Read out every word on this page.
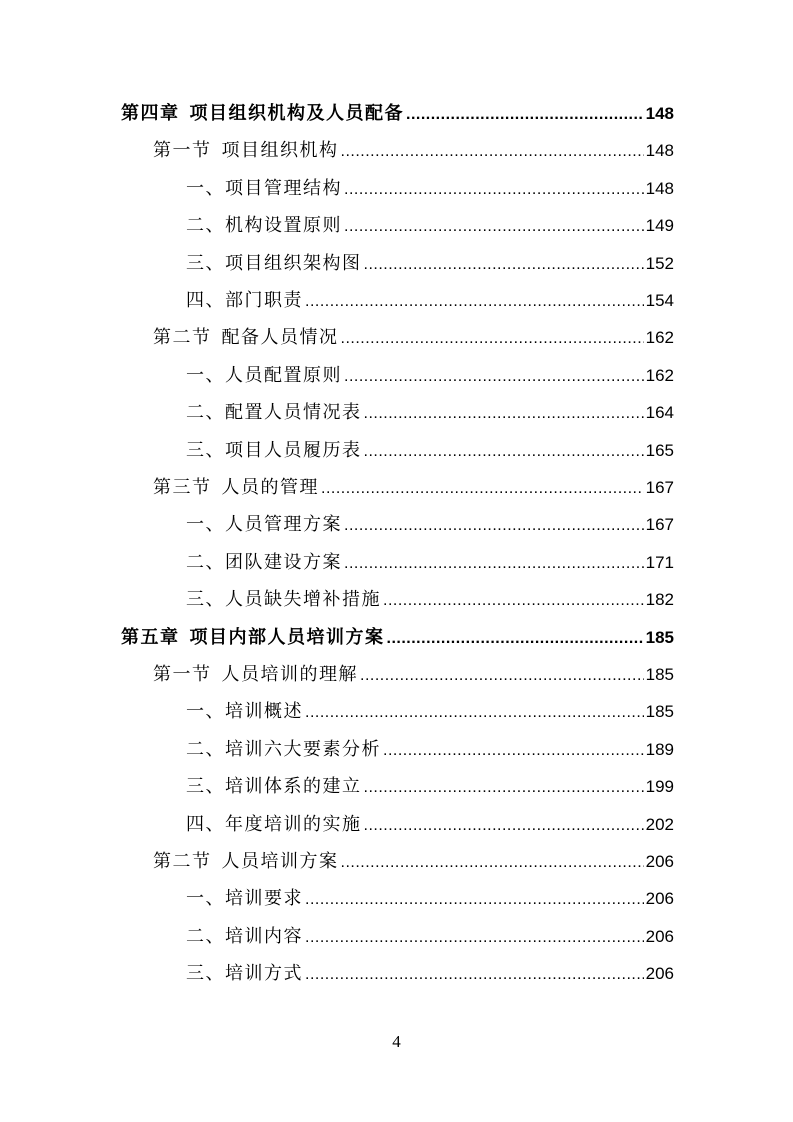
第四章 项目组织机构及人员配备 .....	148
第一节 项目组织机构 .....	148
一、 项目管理结构 .....	148
二、 机构设置原则 .....	149
三、 项目组织架构图 .....	152
四、 部门职责 .....	154
第二节 配备人员情况 .....	162
一、 人员配置原则 .....	162
二、 配置人员情况表 .....	164
三、 项目人员履历表 .....	165
第三节 人员的管理 .....	167
一、 人员管理方案 .....	167
二、 团队建设方案 .....	171
三、 人员缺失增补措施 .....	182
第五章 项目内部人员培训方案 .....	185
第一节 人员培训的理解 .....	185
一、 培训概述 .....	185
二、 培训六大要素分析 .....	189
三、 培训体系的建立 .....	199
四、 年度培训的实施 .....	202
第二节 人员培训方案 .....	206
一、 培训要求 .....	206
二、 培训内容 .....	206
三、 培训方式 .....	206
4
